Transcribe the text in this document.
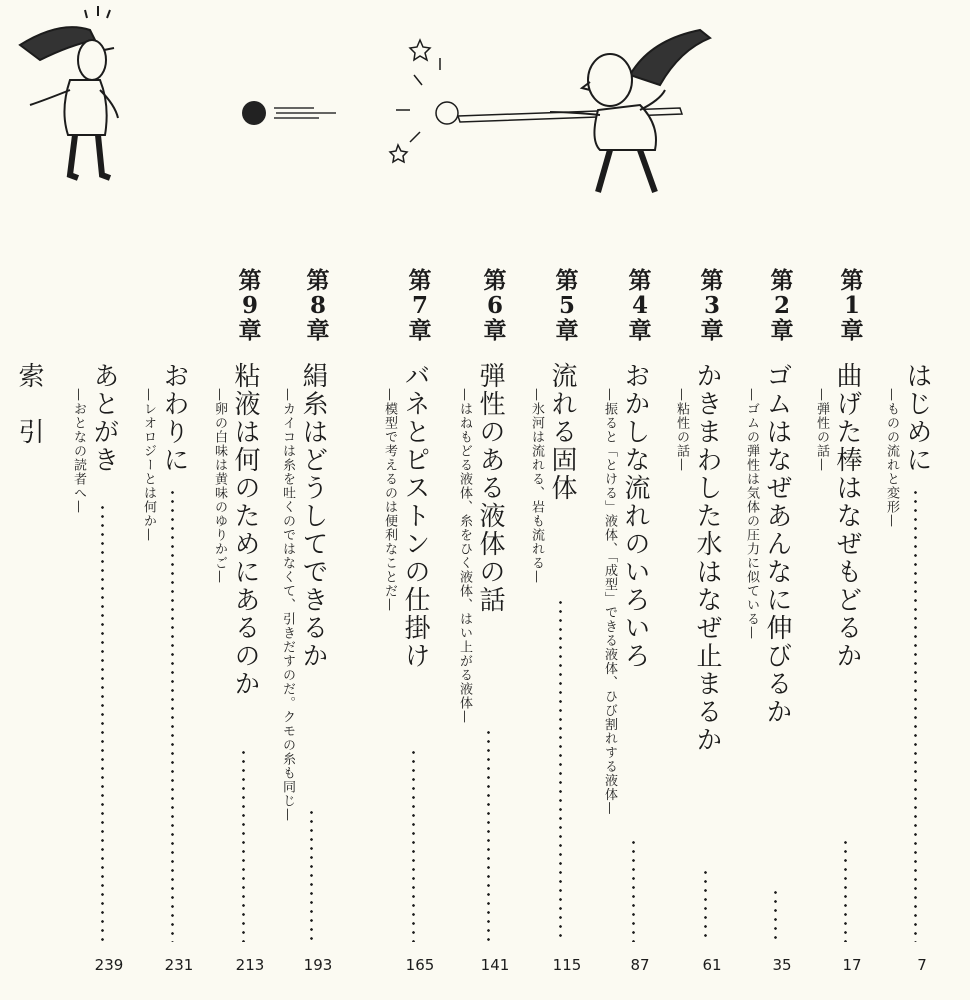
はじめに
—ものの流れと変形—
7
第
1
章
曲げた棒はなぜもどるか
—弾性の話—
17
第
2
章
ゴムはなぜあんなに伸びるか
—ゴムの弾性は気体の圧力に似ている—
35
第
3
章
かきまわした水はなぜ止まるか
—粘性の話—
61
第
4
章
おかしな流れのいろいろ
—振ると「とける」液体、「成型」できる液体、ひび割れする液体—
87
第
5
章
流れる固体
—氷河は流れる、岩も流れる—
115
第
6
章
弾性のある液体の話
—はねもどる液体、糸をひく液体、はい上がる液体—
141
第
7
章
バネとピストンの仕掛け
—模型で考えるのは便利なことだ—
165
第
8
章
絹糸はどうしてできるか
—カイコは糸を吐くのではなくて、引きだすのだ。クモの糸も同じ—
193
第
9
章
粘液は何のためにあるのか
—卵の白味は黄味のゆりかご—
213
おわりに
—レオロジーとは何か—
231
あとがき
—おとなの読者へ—
239
索　引
